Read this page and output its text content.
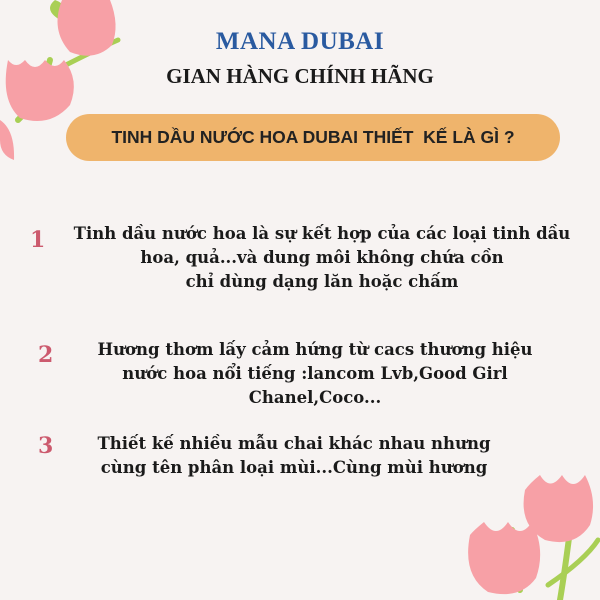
MANA DUBAI
GIAN HÀNG CHÍNH HÃNG
TINH DẦU NƯỚC HOA DUBAI THIẾT  KẾ LÀ GÌ ?
1	Tinh dầu nước hoa là sự kết hợp của các loại tinh dầu
hoa, quả...và dung môi không chứa cồn
chỉ dùng dạng lăn hoặc chấm
2	Hương thơm lấy cảm hứng từ cacs thương hiệu
nước hoa nổi tiếng :lancom Lvb,Good Girl
Chanel,Coco...
3	Thiết kế nhiều mẫu chai khác nhau nhưng
cùng tên phân loại mùi...Cùng mùi hương
